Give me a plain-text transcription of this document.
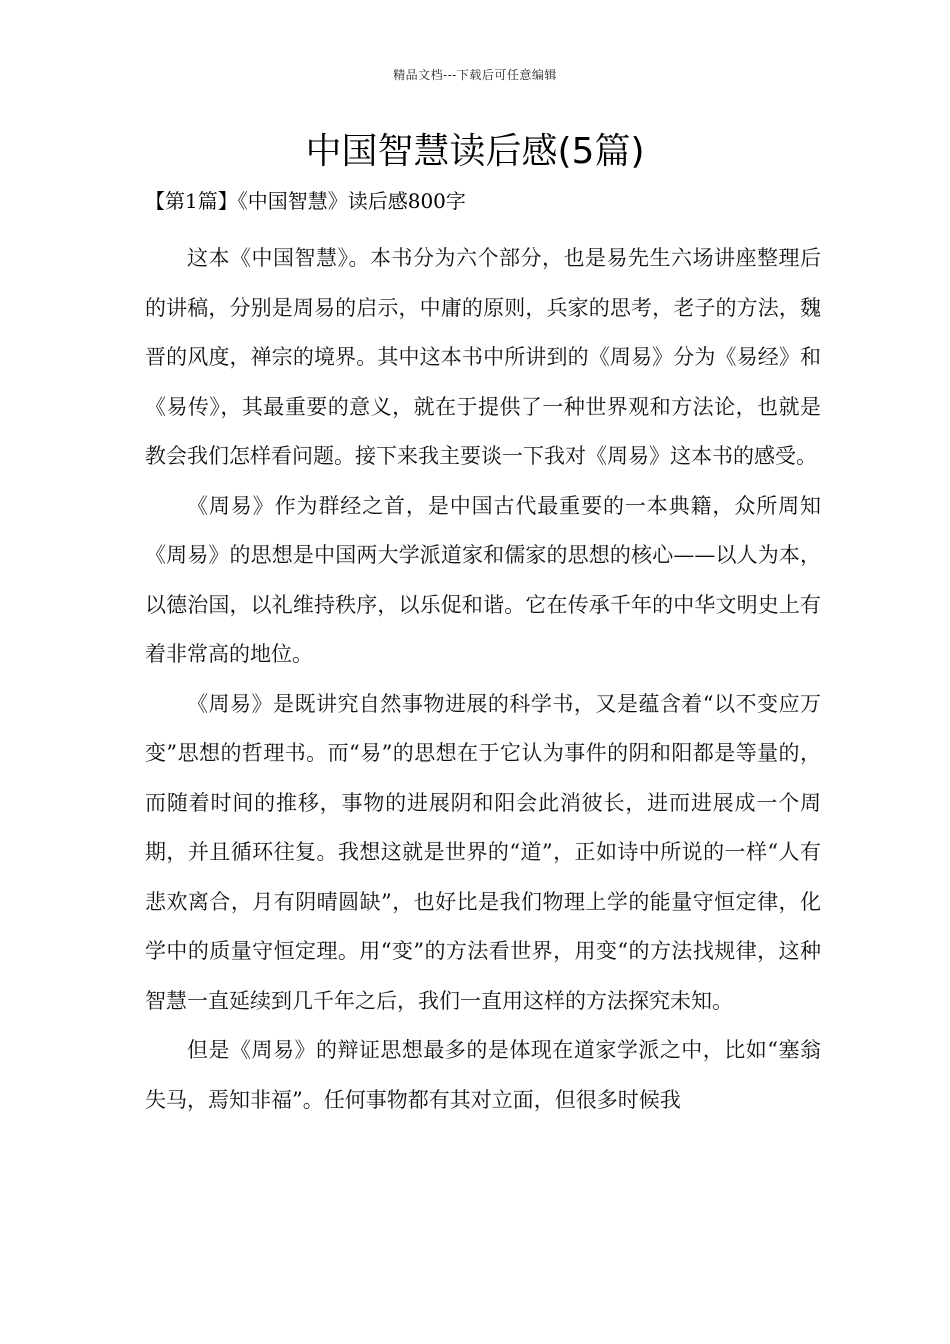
精品文档---下载后可任意编辑
中国智慧读后感(5篇)
【第1篇】《中国智慧》读后感800字

这本《中国智慧》。本书分为六个部分，也是易先生六场讲座整理后的讲稿，分别是周易的启示，中庸的原则，兵家的思考，老子的方法，魏晋的风度，禅宗的境界。其中这本书中所讲到的《周易》分为《易经》和《易传》，其最重要的意义，就在于提供了一种世界观和方法论，也就是教会我们怎样看问题。接下来我主要谈一下我对《周易》这本书的感受。

《周易》作为群经之首，是中国古代最重要的一本典籍，众所周知《周易》的思想是中国两大学派道家和儒家的思想的核心——以人为本，以德治国，以礼维持秩序，以乐促和谐。它在传承千年的中华文明史上有着非常高的地位。

《周易》是既讲究自然事物进展的科学书，又是蕴含着“以不变应万变”思想的哲理书。而“易”的思想在于它认为事件的阴和阳都是等量的，而随着时间的推移，事物的进展阴和阳会此消彼长，进而进展成一个周期，并且循环往复。我想这就是世界的“道”，正如诗中所说的一样“人有悲欢离合，月有阴晴圆缺”，也好比是我们物理上学的能量守恒定律，化学中的质量守恒定理。用“变”的方法看世界，用变“的方法找规律，这种智慧一直延续到几千年之后，我们一直用这样的方法探究未知。

但是《周易》的辩证思想最多的是体现在道家学派之中，比如“塞翁失马，焉知非福”。任何事物都有其对立面，但很多时候我
